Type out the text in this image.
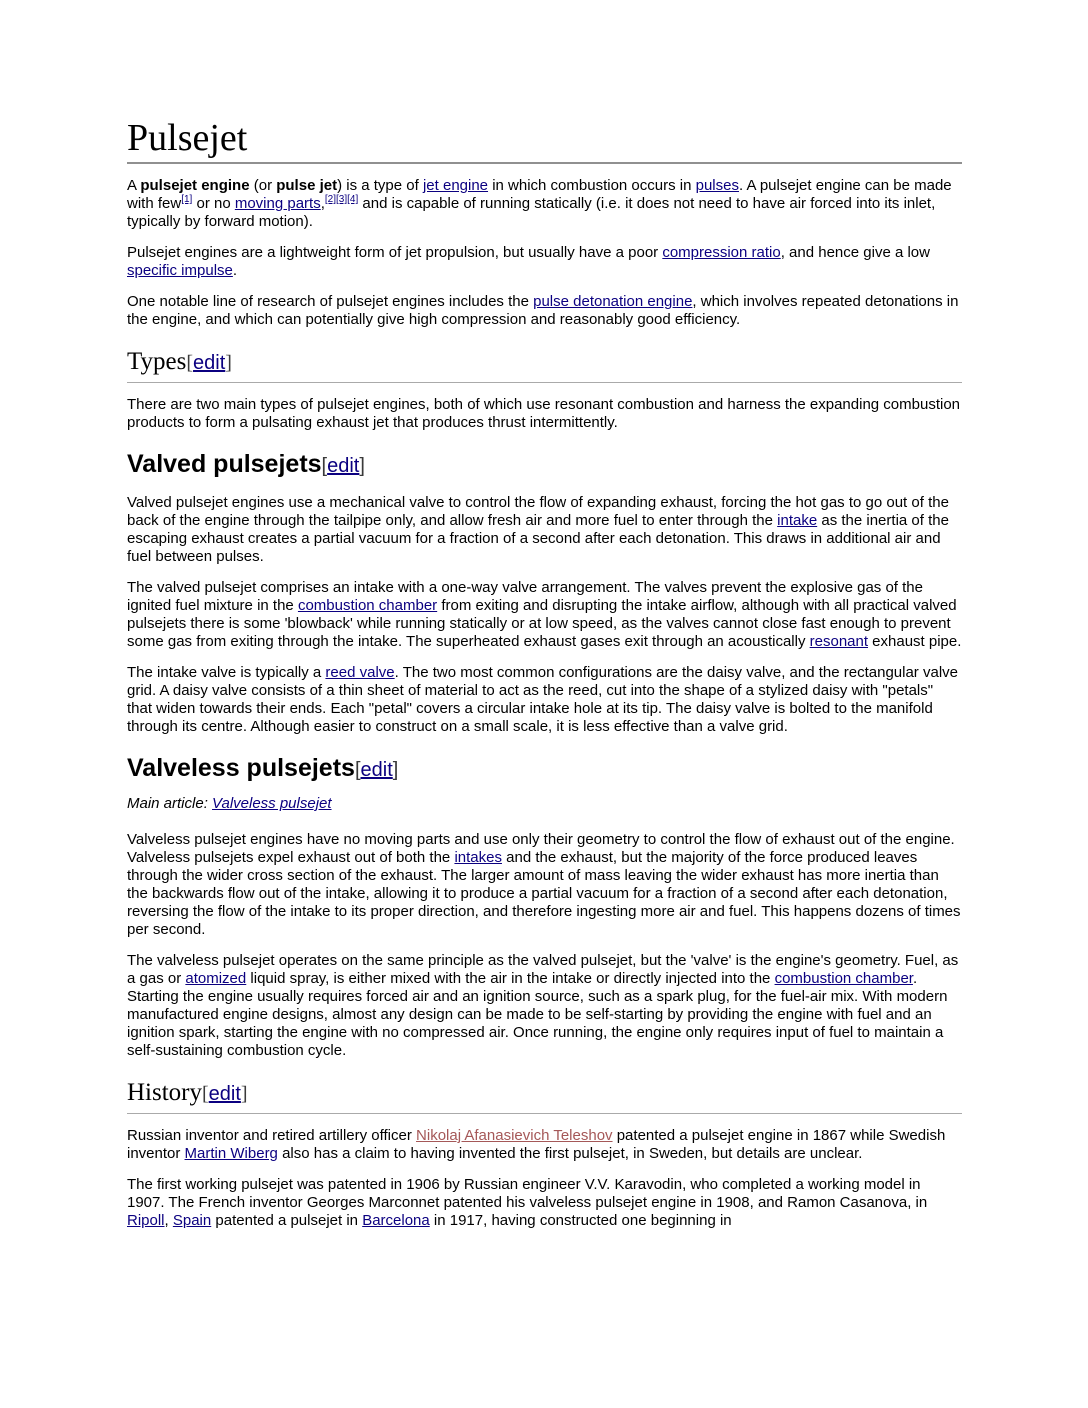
Pulsejet

A pulsejet engine (or pulse jet) is a type of jet engine in which combustion occurs in pulses. A pulsejet engine can be made with few[1] or no moving parts,[2][3][4] and is capable of running statically (i.e. it does not need to have air forced into its inlet, typically by forward motion).

Pulsejet engines are a lightweight form of jet propulsion, but usually have a poor compression ratio, and hence give a low specific impulse.

One notable line of research of pulsejet engines includes the pulse detonation engine, which involves repeated detonations in the engine, and which can potentially give high compression and reasonably good efficiency.

Types[edit]

There are two main types of pulsejet engines, both of which use resonant combustion and harness the expanding combustion products to form a pulsating exhaust jet that produces thrust intermittently.

Valved pulsejets[edit]

Valved pulsejet engines use a mechanical valve to control the flow of expanding exhaust, forcing the hot gas to go out of the back of the engine through the tailpipe only, and allow fresh air and more fuel to enter through the intake as the inertia of the escaping exhaust creates a partial vacuum for a fraction of a second after each detonation. This draws in additional air and fuel between pulses.

The valved pulsejet comprises an intake with a one-way valve arrangement. The valves prevent the explosive gas of the ignited fuel mixture in the combustion chamber from exiting and disrupting the intake airflow, although with all practical valved pulsejets there is some 'blowback' while running statically or at low speed, as the valves cannot close fast enough to prevent some gas from exiting through the intake. The superheated exhaust gases exit through an acoustically resonant exhaust pipe.

The intake valve is typically a reed valve. The two most common configurations are the daisy valve, and the rectangular valve grid. A daisy valve consists of a thin sheet of material to act as the reed, cut into the shape of a stylized daisy with "petals" that widen towards their ends. Each "petal" covers a circular intake hole at its tip. The daisy valve is bolted to the manifold through its centre. Although easier to construct on a small scale, it is less effective than a valve grid.

Valveless pulsejets[edit]
Main article: Valveless pulsejet

Valveless pulsejet engines have no moving parts and use only their geometry to control the flow of exhaust out of the engine. Valveless pulsejets expel exhaust out of both the intakes and the exhaust, but the majority of the force produced leaves through the wider cross section of the exhaust. The larger amount of mass leaving the wider exhaust has more inertia than the backwards flow out of the intake, allowing it to produce a partial vacuum for a fraction of a second after each detonation, reversing the flow of the intake to its proper direction, and therefore ingesting more air and fuel. This happens dozens of times per second.

The valveless pulsejet operates on the same principle as the valved pulsejet, but the 'valve' is the engine's geometry. Fuel, as a gas or atomized liquid spray, is either mixed with the air in the intake or directly injected into the combustion chamber. Starting the engine usually requires forced air and an ignition source, such as a spark plug, for the fuel-air mix. With modern manufactured engine designs, almost any design can be made to be self-starting by providing the engine with fuel and an ignition spark, starting the engine with no compressed air. Once running, the engine only requires input of fuel to maintain a self-sustaining combustion cycle.

History[edit]

Russian inventor and retired artillery officer Nikolaj Afanasievich Teleshov patented a pulsejet engine in 1867 while Swedish inventor Martin Wiberg also has a claim to having invented the first pulsejet, in Sweden, but details are unclear.

The first working pulsejet was patented in 1906 by Russian engineer V.V. Karavodin, who completed a working model in 1907. The French inventor Georges Marconnet patented his valveless pulsejet engine in 1908, and Ramon Casanova, in Ripoll, Spain patented a pulsejet in Barcelona in 1917, having constructed one beginning in
